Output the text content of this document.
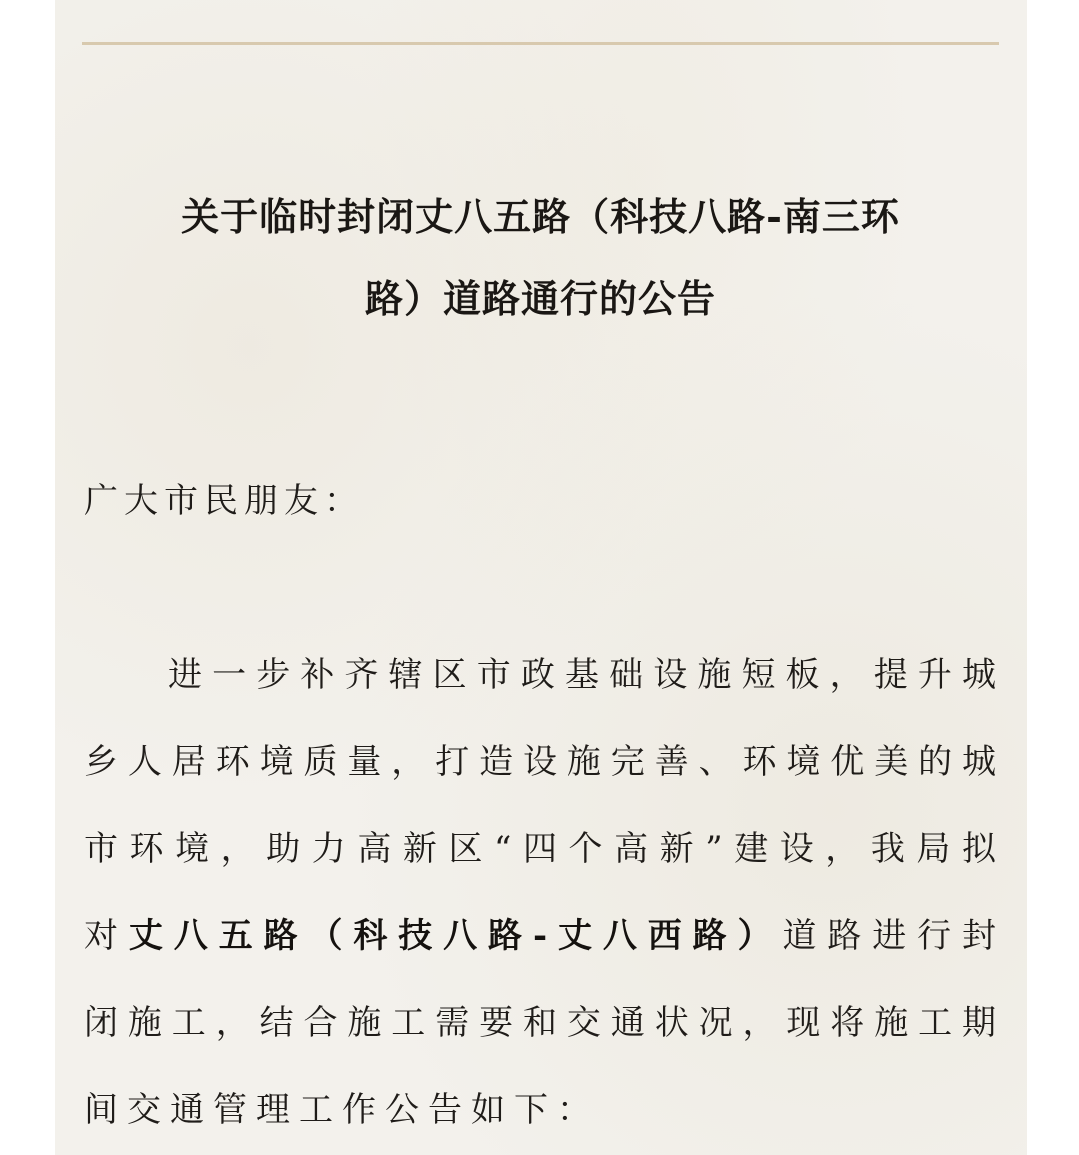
关于临时封闭丈八五路（科技八路-南三环
路）道路通行的公告
广大市民朋友：
进一步补齐辖区市政基础设施短板，提升城
乡人居环境质量，打造设施完善、环境优美的城
市环境，助力高新区“四个高新”建设，我局拟
对丈八五路（科技八路-丈八西路）道路进行封
闭施工，结合施工需要和交通状况，现将施工期
间交通管理工作公告如下：
